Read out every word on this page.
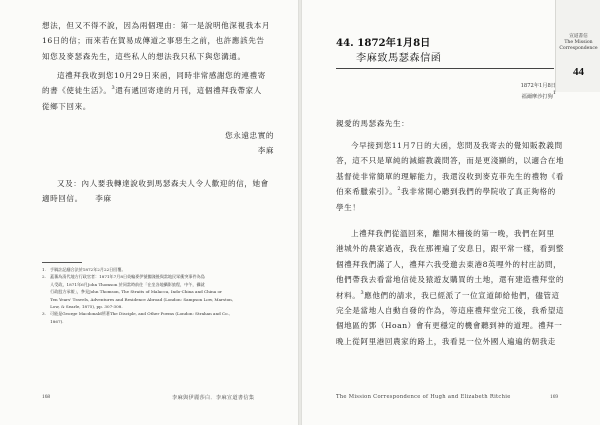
想法，但又不得不說，因為兩個理由：第一是說明他深視我本月
16日的信；而來若在賀易成傳道之事惡生之前，也許應該先告
知您及麥瑟森先生，這些私人的想法我只私下與您溝通。
這禮拜我收到您10月29日來函，同時非常感謝您的連禮寄
的書《使徒生活》。$^3$還有遞回寄達的月刊，這個禮拜我帶家人
從鄉下回來。
您永遠忠實的
李麻
又及：內人要我轉達說收到馬瑟森夫人令人歡迎的信，她會
適時回信。　　 李麻
1.　手稿註記翻合法於1872年2月22日回覆。
2.　蓋蕃為清代地方行政官者：1871年7月8日英輪麥伊號擱淺後與當地民眾衝突事件為島
　　人受政，1871年6月John Thomson 於同當時前往「在坐各地攝影旅程，中午，攝就
　　行政股方承報」，參見John Thomson, The Straits of Malacca, Indo-China and China or
　　Ten Years' Travels, Adventures and Residence Abroad (London: Sampson Low, Marston,
　　Low, & Searle, 1875), pp. 307-308.
3.　可能是George Macdonald所著The Disciple, and Other Poems (London: Strahan and Co.,
　　1867).
168	李麻與伊麗莎白．李麻宣道書信集
宣道書信
The Mission
Correspondence
44
44. 1872年1月8日
李麻致馬瑟森信函
1872年1月8日
福爾摩沙打狗$^1$
親愛的馬瑟森先生：
今早接到您11月7日的大函，您問及我寄去的覺知販教義問
答，這不只是單純的減縮教義問答，而是更淺顯的，以適合在地
基督徒非常簡單的理解能力，我還沒收到麥克菲先生的禮物《看
伯來希臘索引》。$^2$我非常開心聽到我們的學院收了真正夠格的
學生！
上禮拜我們從溫回來，離開木柵後的第一晚，我們在阿里
港城外的農家過夜，我在那裡遍了安息日，跟平常一樣，看到整
個禮拜我們滿了人，禮拜六我受邀去東港8英哩外的村庄訪問，
他們帶我去看當地信徒及猿遊友購買的土地，還有建造禮拜堂的
材料。$^3$應他們的請求，我已經派了一位宣道師給他們，儘管這
完全是當地人自動自發的作為，等這座禮拜堂完工後，我希望這
個地區的鄧（Hoan）會有更穩定的機會聽到神的道理。禮拜一
晚上從阿里港回農家的路上，我看見一位外國人遍遍的朝我走
The Mission Correspondence of Hugh and Elizabeth Ritchie	169
